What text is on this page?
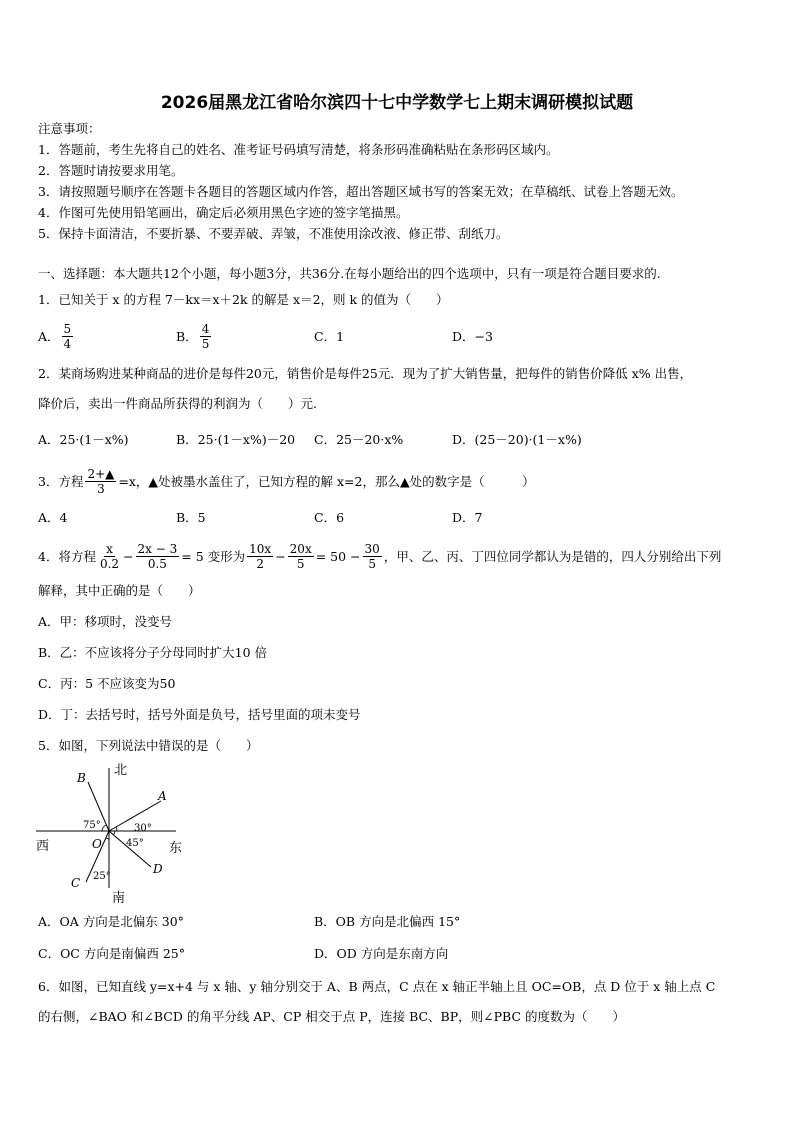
2026届黑龙江省哈尔滨四十七中学数学七上期末调研模拟试题
注意事项：
1．答题前，考生先将自己的姓名、准考证号码填写清楚，将条形码准确粘贴在条形码区域内。
2．答题时请按要求用笔。
3．请按照题号顺序在答题卡各题目的答题区域内作答，超出答题区域书写的答案无效；在草稿纸、试卷上答题无效。
4．作图可先使用铅笔画出，确定后必须用黑色字迹的签字笔描黑。
5．保持卡面清洁，不要折暴、不要弄破、弄皱，不准使用涂改液、修正带、刮纸刀。
一、选择题：本大题共12个小题，每小题3分，共36分.在每小题给出的四个选项中，只有一项是符合题目要求的.
1．已知关于 x 的方程 7－kx＝x＋2k 的解是 x＝2，则 k 的值为（　　）
A． $\frac{5}{4}$	B． $\frac{4}{5}$	C．1	D．−3
2．某商场购进某种商品的进价是每件20元，销售价是每件25元．现为了扩大销售量，把每件的销售价降低 x% 出售，
降价后，卖出一件商品所获得的利润为（　　）元.
A．25·(1－x%)	B．25·(1－x%)－20 C．25－20·x%	D．(25－20)·(1－x%)
3．方程 $\frac{2+▲}{3} =x$，▲处被墨水盖住了，已知方程的解 x=2，那么▲处的数字是（　　　）
A．4	B．5	C．6	D．7
4．将方程 $\frac{x}{0.2} - \frac{2x - 3}{0.5} = 5$ 变形为 $\frac{10x}{2} - \frac{20x}{5} = 50 - \frac{30}{5}$ ，甲、乙、丙、丁四位同学都认为是错的，四人分别给出下列
解释，其中正确的是（　　）
A．甲：移项时，没变号
B．乙：不应该将分子分母同时扩大10 倍
C．丙：5 不应该变为50
D．丁：去括号时，括号外面是负号，括号里面的项未变号
5．如图，下列说法中错误的是（　　）
北
南
西	东
A
B
C
D
O
75°	30°
45°
25°
A．OA 方向是北偏东 30°	B．OB 方向是北偏西 15°
C．OC 方向是南偏西 25°	D．OD 方向是东南方向
6．如图，已知直线 y=x+4 与 x 轴、y 轴分别交于 A、B 两点，C 点在 x 轴正半轴上且 OC=OB，点 D 位于 x 轴上点 C
的右侧，∠BAO 和∠BCD 的角平分线 AP、CP 相交于点 P，连接 BC、BP，则∠PBC 的度数为（　　）
